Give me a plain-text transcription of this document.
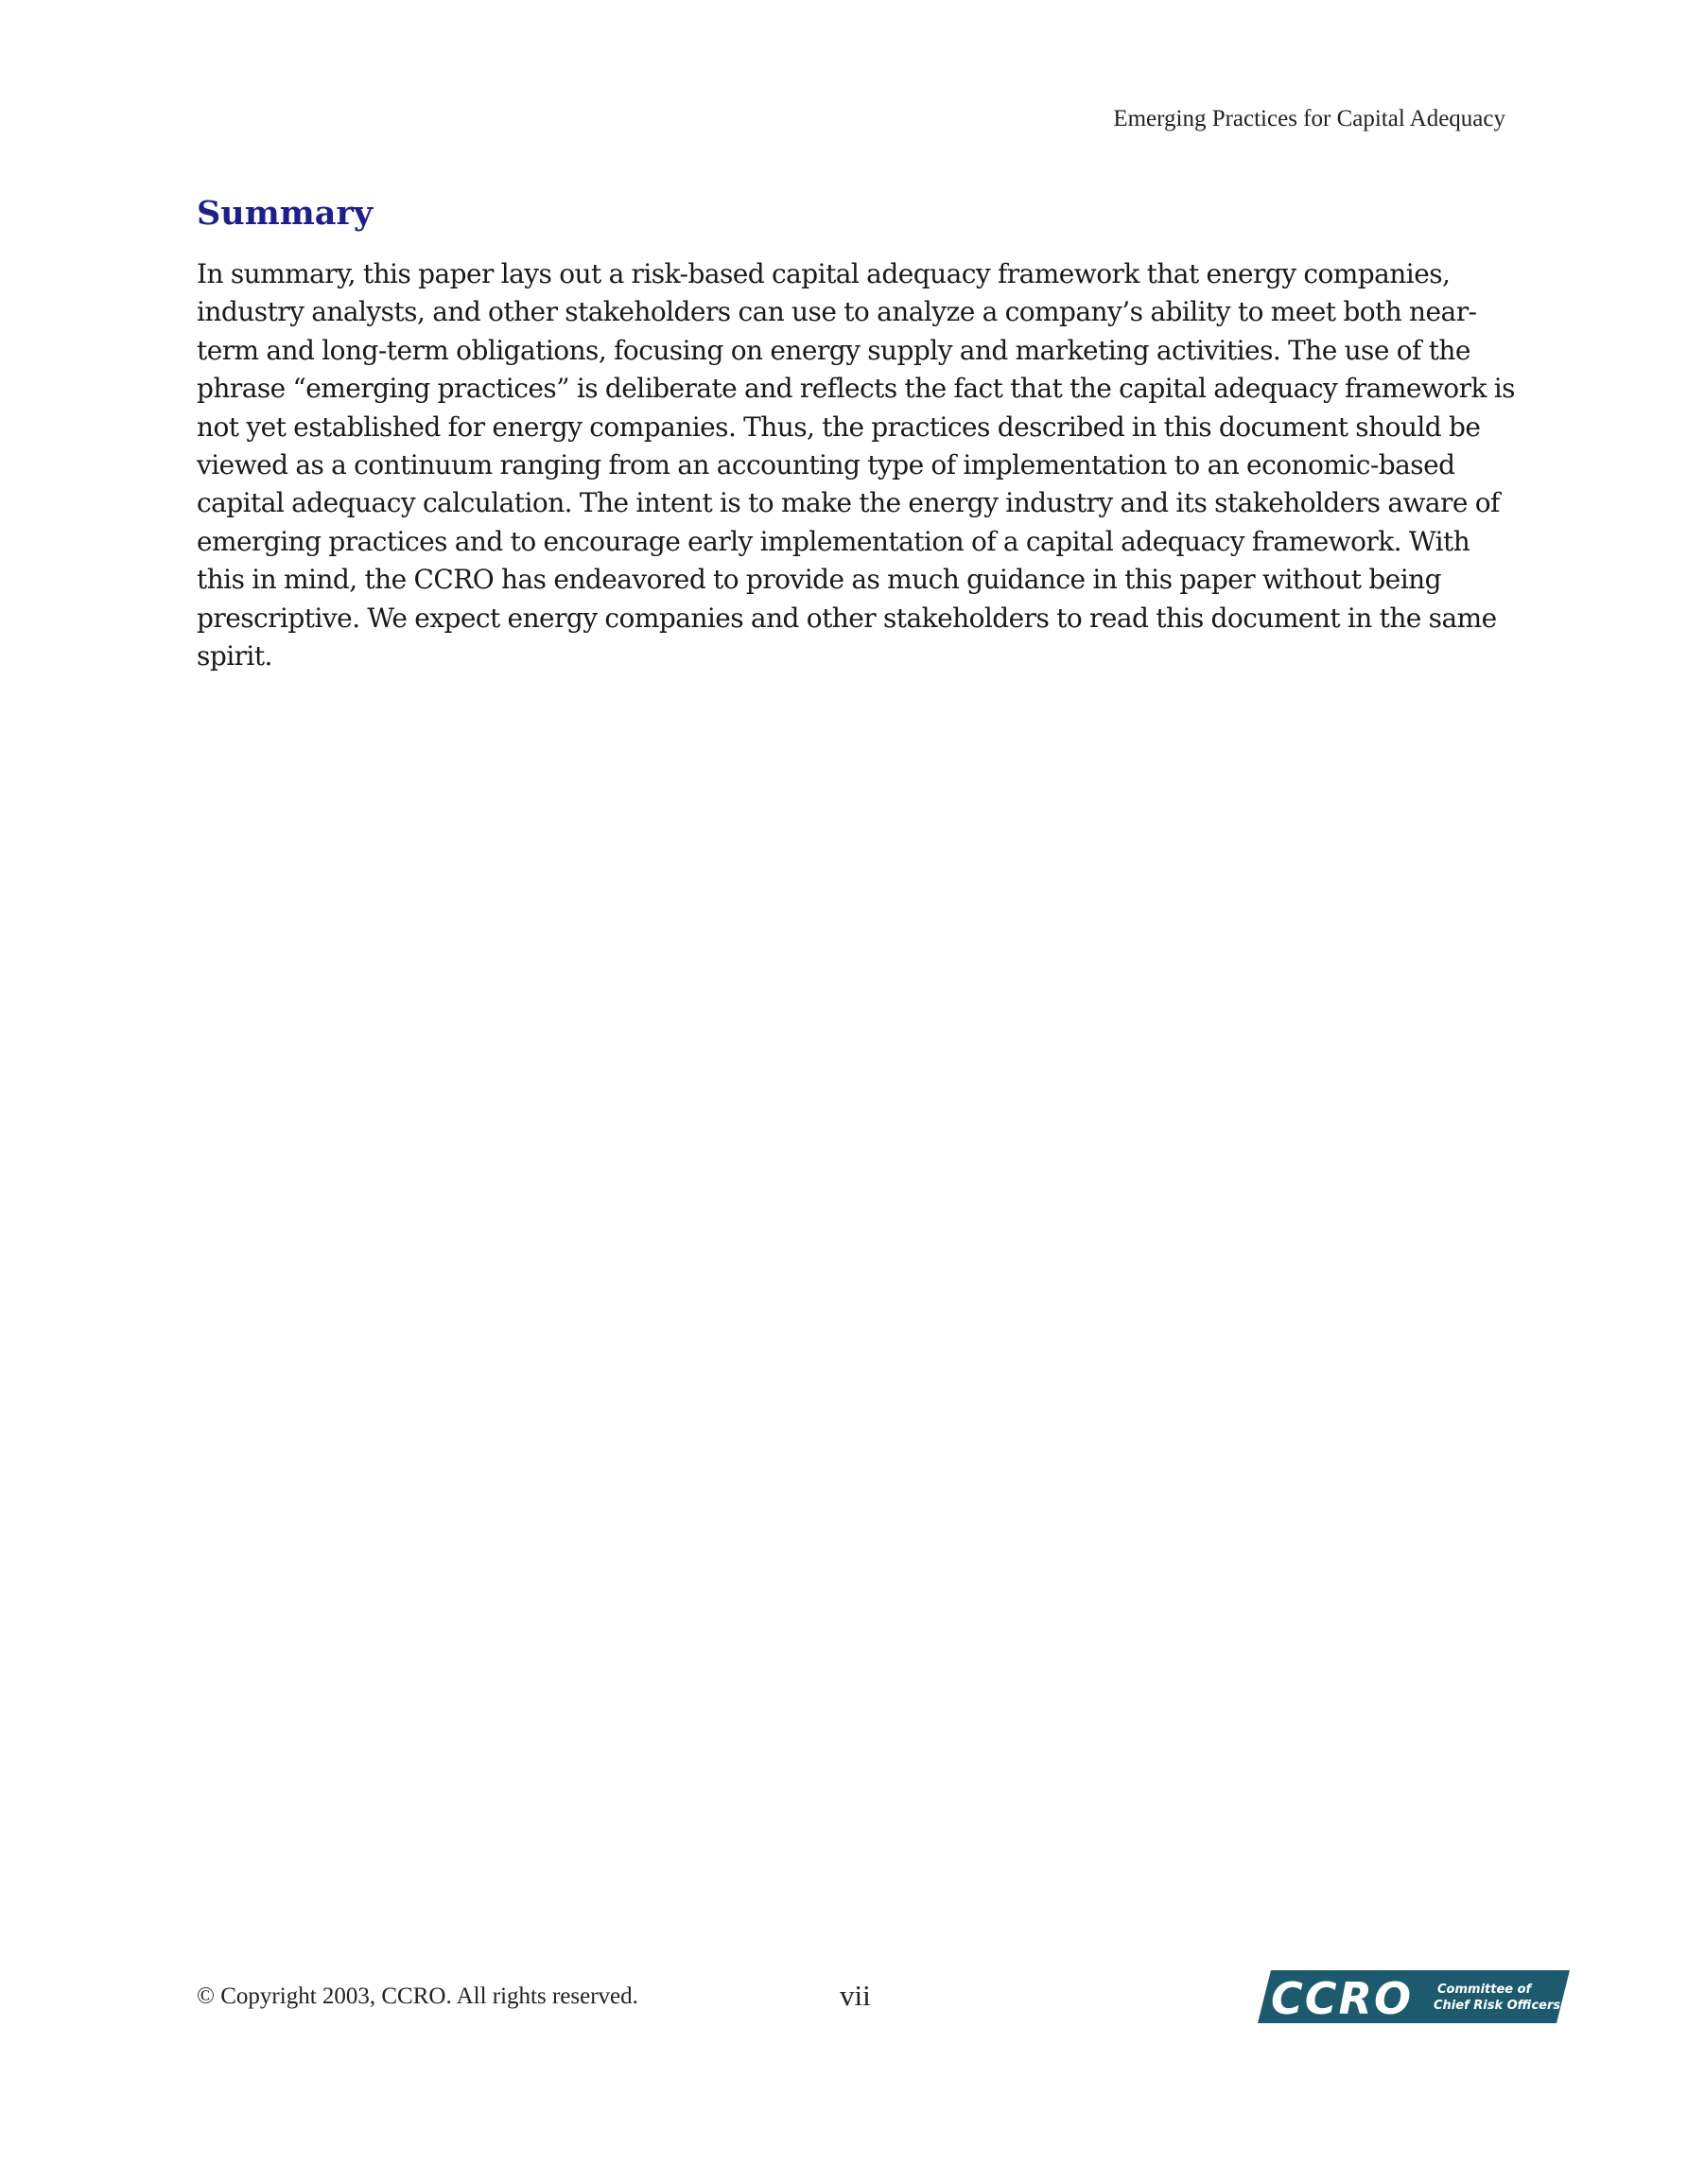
Emerging Practices for Capital Adequacy
Summary

In summary, this paper lays out a risk-based capital adequacy framework that energy companies, industry analysts, and other stakeholders can use to analyze a company’s ability to meet both near-term and long-term obligations, focusing on energy supply and marketing activities. The use of the phrase “emerging practices” is deliberate and reflects the fact that the capital adequacy framework is not yet established for energy companies. Thus, the practices described in this document should be viewed as a continuum ranging from an accounting type of implementation to an economic-based capital adequacy calculation. The intent is to make the energy industry and its stakeholders aware of emerging practices and to encourage early implementation of a capital adequacy framework. With this in mind, the CCRO has endeavored to provide as much guidance in this paper without being prescriptive. We expect energy companies and other stakeholders to read this document in the same spirit.

© Copyright 2003, CCRO. All rights reserved.	vii	CCRO Committee of
Chief Risk Officers
